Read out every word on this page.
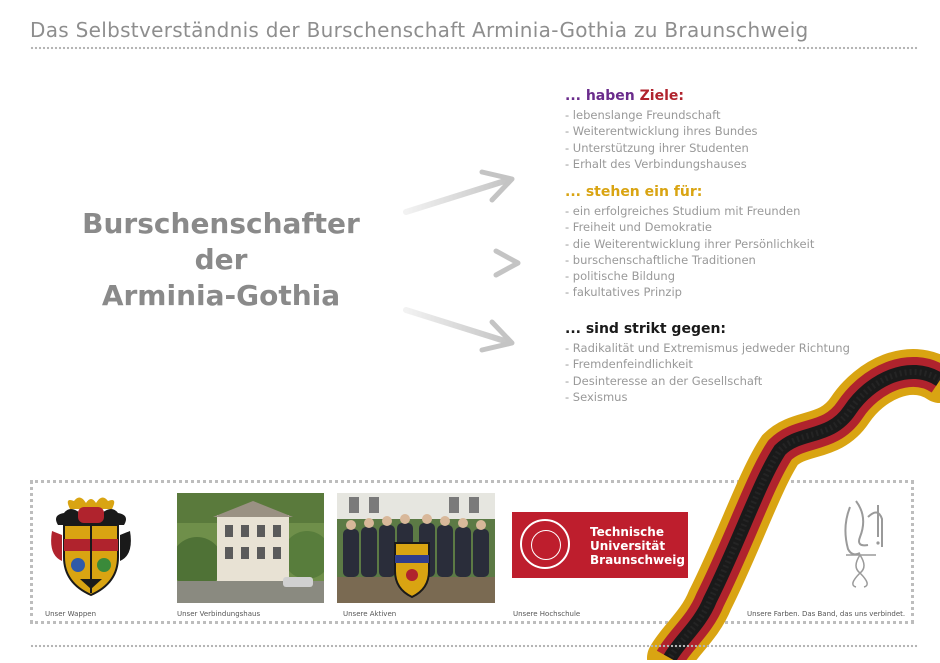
Das Selbstverständnis der Burschenschaft Arminia-Gothia zu Braunschweig
Burschenschafter
der
Arminia-Gothia
... haben Ziele:
- lebenslange Freundschaft
- Weiterentwicklung ihres Bundes
- Unterstützung ihrer Studenten
- Erhalt des Verbindungshauses
... stehen ein für:
- ein erfolgreiches Studium mit Freunden
- Freiheit und Demokratie
- die Weiterentwicklung ihrer Persönlichkeit
- burschenschaftliche Traditionen
- politische Bildung
- fakultatives Prinzip
... sind strikt gegen:
- Radikalität und Extremismus jedweder Richtung
- Fremdenfeindlichkeit
- Desinteresse an der Gesellschaft
- Sexismus
Unser Wappen	Unser Verbindungshaus	Unsere Aktiven
Technische
Universität
Braunschweig
Unsere Hochschule	Unsere Farben. Das Band, das uns verbindet.
